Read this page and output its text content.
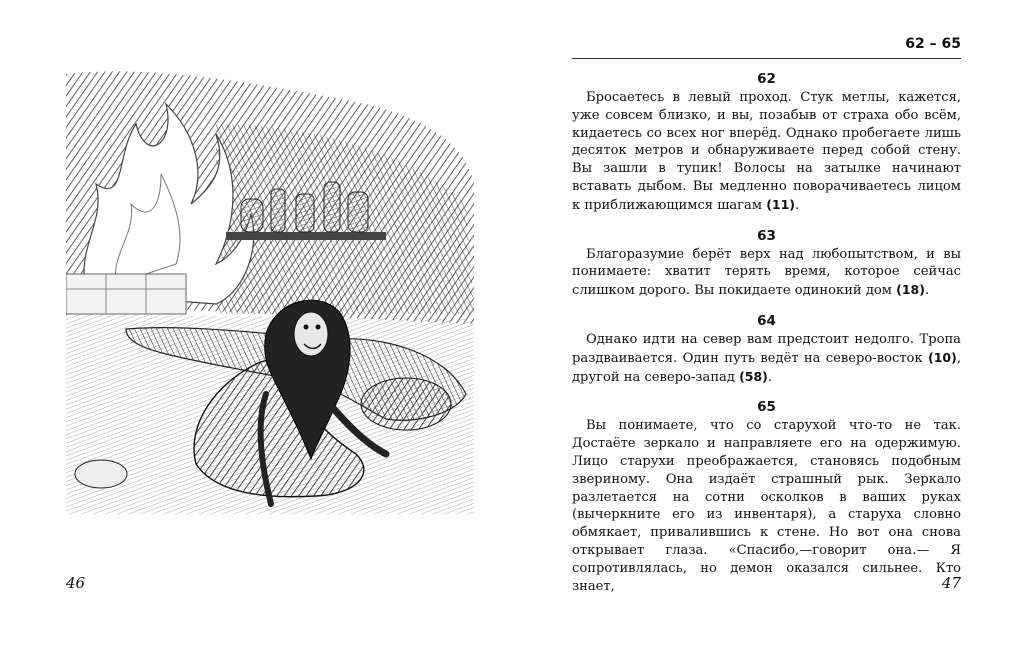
46
62 – 65
62

Бросаетесь в левый проход. Стук метлы, кажется, уже совсем близко, и вы, позабыв от страха обо всём, кидаетесь со всех ног вперёд. Однако пробегаете лишь десяток метров и обнаруживаете перед собой стену. Вы зашли в тупик! Волосы на затылке начинают вставать дыбом. Вы медленно поворачиваетесь лицом к приближающимся шагам (11).

63

Благоразумие берёт верх над любопытством, и вы понимаете: хватит терять время, которое сейчас слишком дорого. Вы покидаете одинокий дом (18).

64

Однако идти на север вам предстоит недолго. Тропа раздваивается. Один путь ведёт на северо-восток (10), другой на северо-запад (58).

65

Вы понимаете, что со старухой что-то не так. Достаёте зеркало и направляете его на одержимую. Лицо старухи преображается, становясь подобным звериному. Она издаёт страшный рык. Зеркало разлетается на сотни осколков в ваших руках (вычеркните его из инвентаря), а старуха словно обмякает, привалившись к стене. Но вот она снова открывает глаза. «Спасибо,—говорит она.— Я сопротивлялась, но демон оказался сильнее. Кто знает,	47
